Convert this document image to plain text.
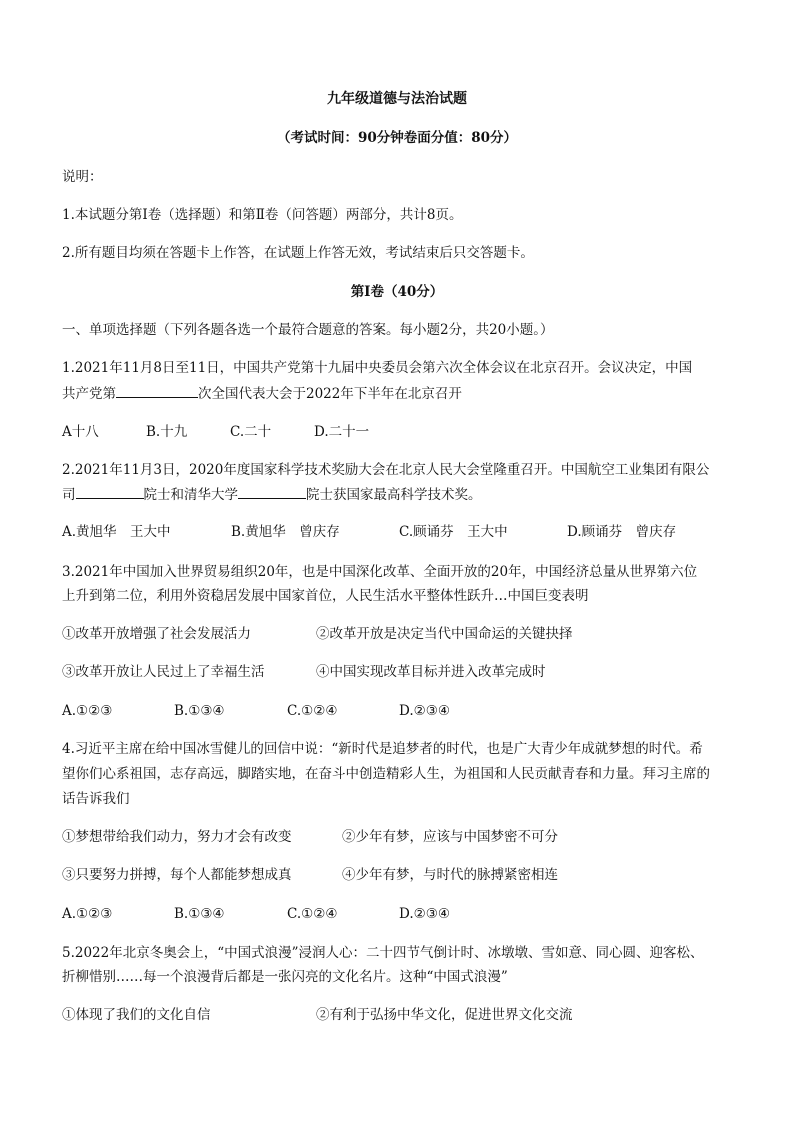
九年级道德与法治试题
（考试时间：90分钟卷面分值：80分）
说明：
1.本试题分第Ⅰ卷（选择题）和第Ⅱ卷（问答题）两部分，共计8页。
2.所有题目均须在答题卡上作答，在试题上作答无效，考试结束后只交答题卡。
第Ⅰ卷（40分）
一、单项选择题（下列各题各选一个最符合题意的答案。每小题2分，共20小题。）
1.2021年11月8日至11日，中国共产党第十九届中央委员会第六次全体会议在北京召开。会议决定，中国
共产党第	次全国代表大会于2022年下半年在北京召开
A十八	B.十九	C.二十	D.二十一
2.2021年11月3日，2020年度国家科学技术奖励大会在北京人民大会堂隆重召开。中国航空工业集团有限公
司	院士和清华大学	院士获国家最高科学技术奖。
A.黄旭华　王大中	B.黄旭华　曾庆存	C.顾诵芬　王大中	D.顾诵芬　曾庆存
3.2021年中国加入世界贸易组织20年，也是中国深化改革、全面开放的20年，中国经济总量从世界第六位
上升到第二位，利用外资稳居发展中国家首位，人民生活水平整体性跃升…中国巨变表明
①改革开放增强了社会发展活力	②改革开放是决定当代中国命运的关键抉择
③改革开放让人民过上了幸福生活	④中国实现改革目标并进入改革完成时
A.①②③	B.①③④	C.①②④	D.②③④
4.习近平主席在给中国冰雪健儿的回信中说：“新时代是追梦者的时代，也是广大青少年成就梦想的时代。希
望你们心系祖国，志存高远，脚踏实地，在奋斗中创造精彩人生，为祖国和人民贡献青春和力量。拜习主席的
话告诉我们
①梦想带给我们动力，努力才会有改变	②少年有梦，应该与中国梦密不可分
③只要努力拼搏，每个人都能梦想成真	④少年有梦，与时代的脉搏紧密相连
A.①②③	B.①③④	C.①②④	D.②③④
5.2022年北京冬奥会上，“中国式浪漫”浸润人心：二十四节气倒计时、冰墩墩、雪如意、同心圆、迎客松、
折柳惜别……每一个浪漫背后都是一张闪亮的文化名片。这种“中国式浪漫”
①体现了我们的文化自信	②有利于弘扬中华文化，促进世界文化交流
